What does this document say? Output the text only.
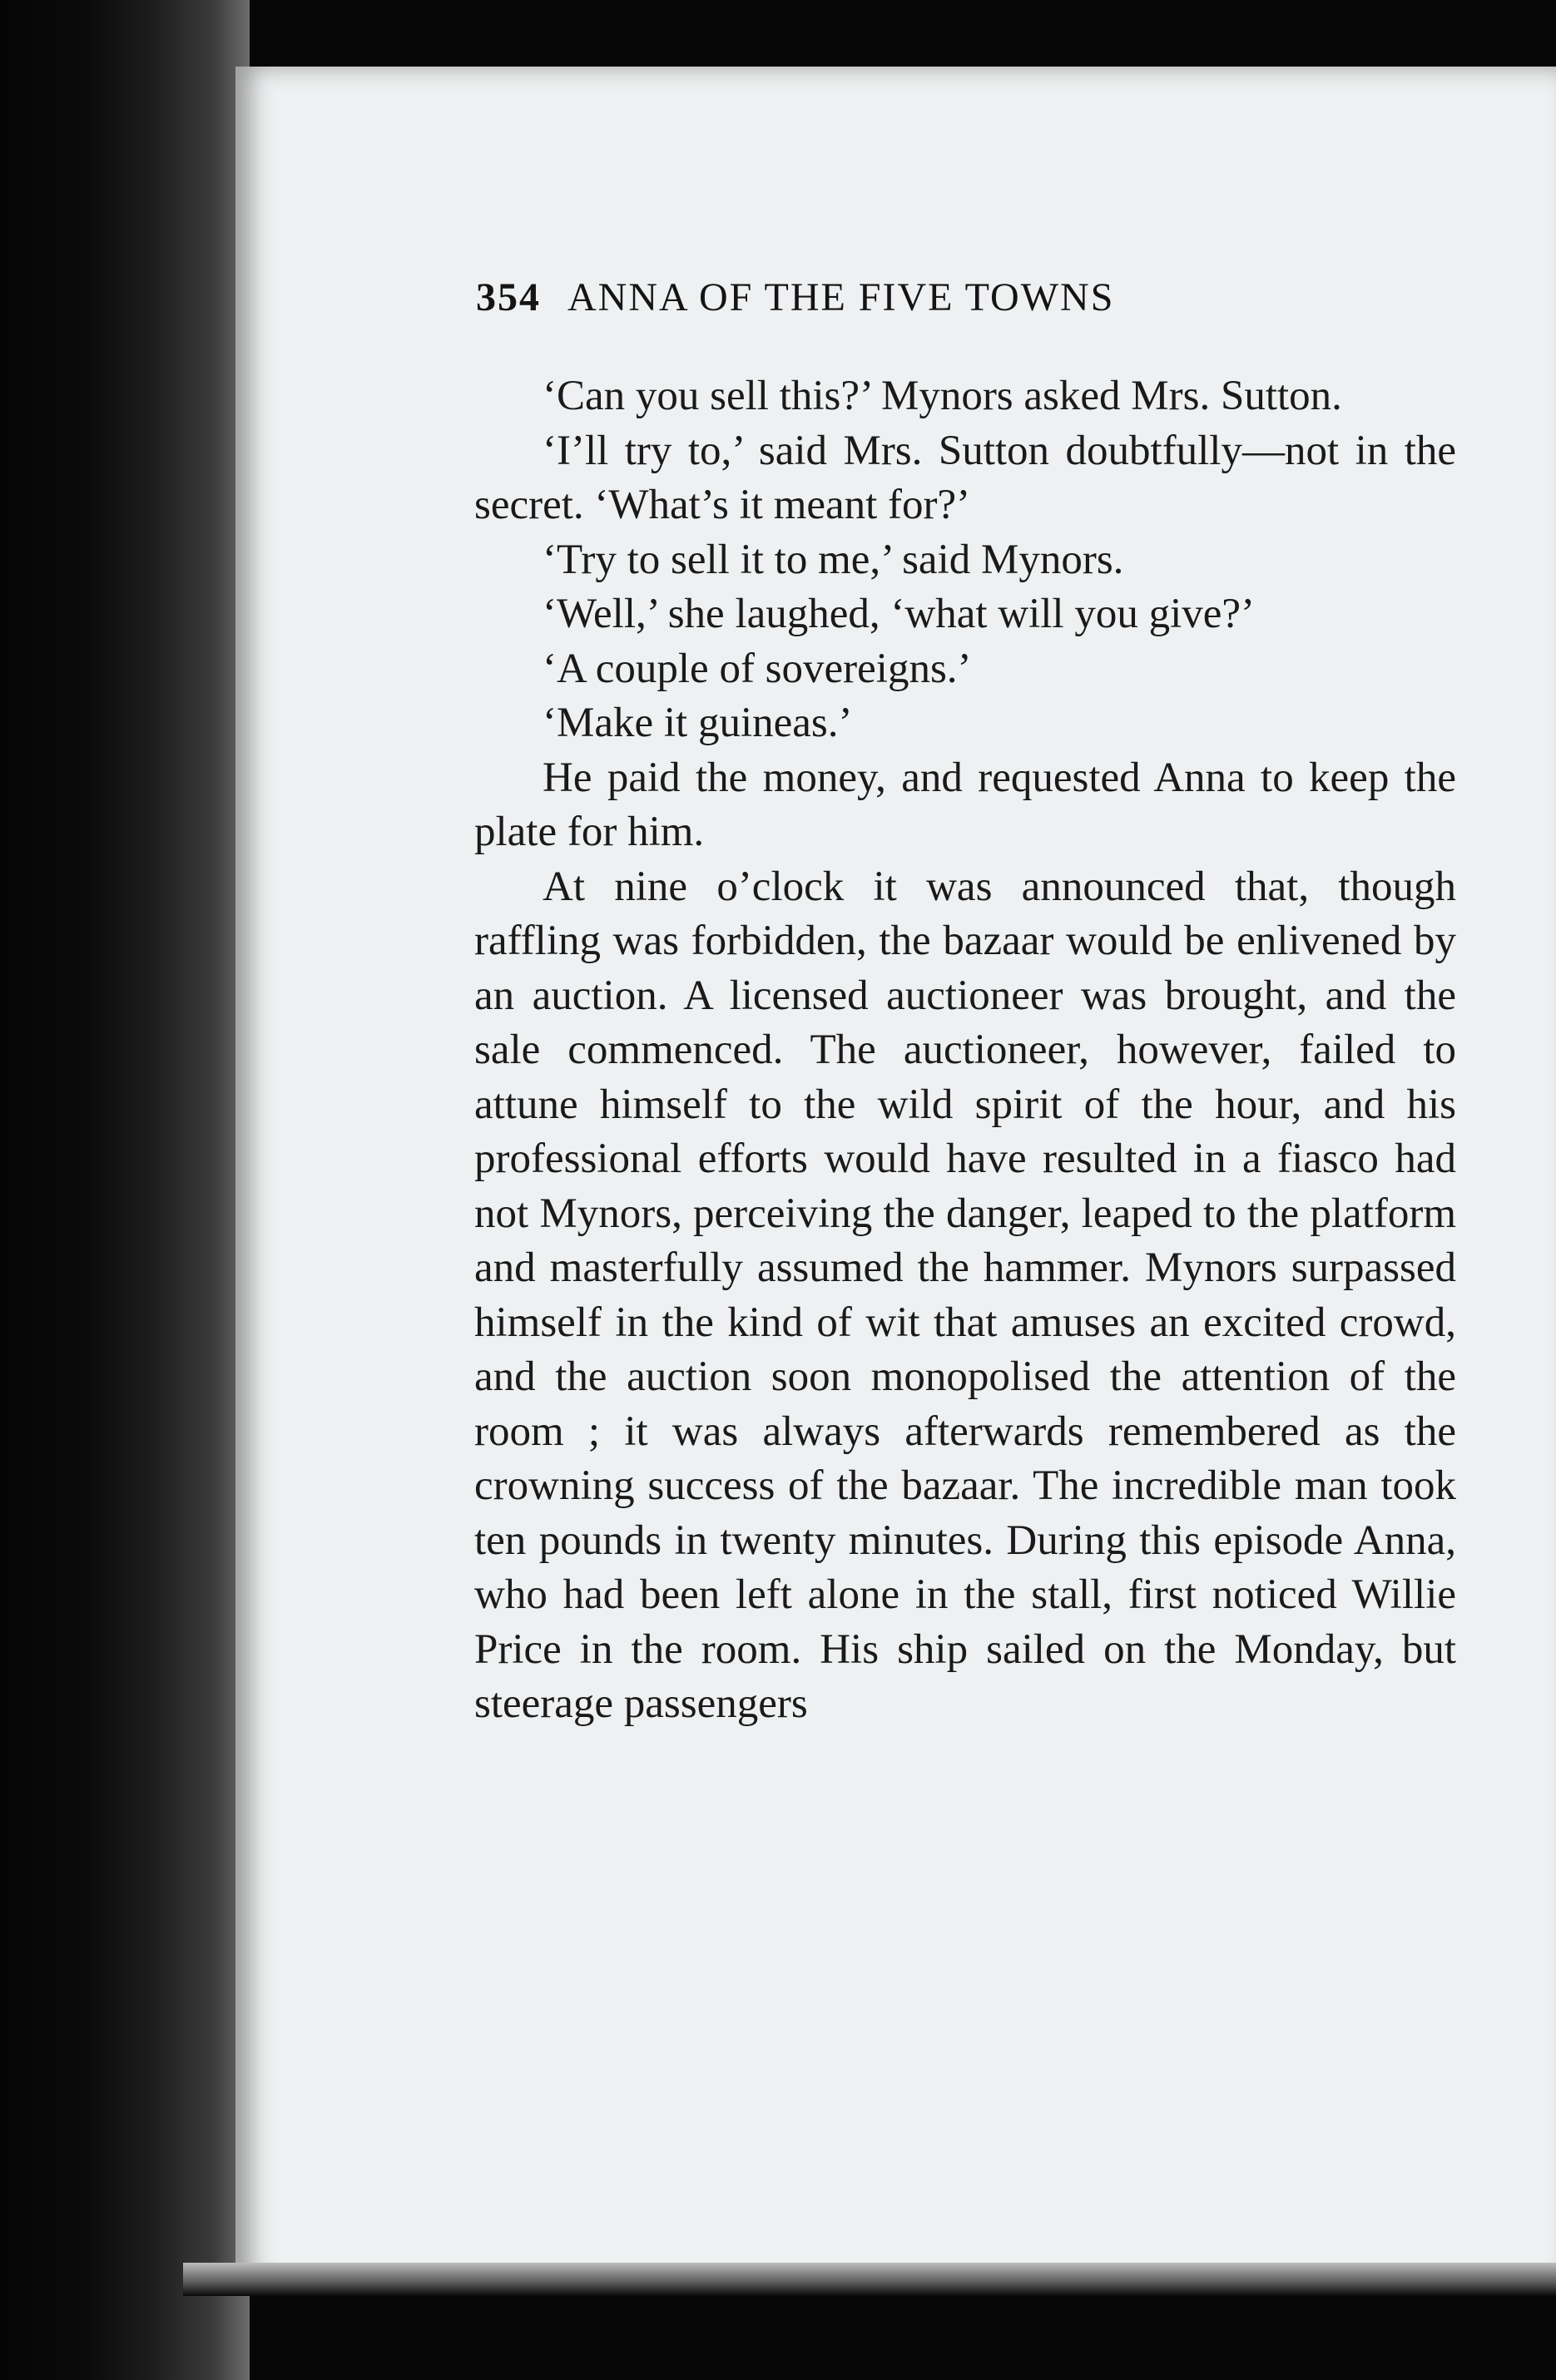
354 ANNA OF THE FIVE TOWNS

‘Can you sell this?’ Mynors asked Mrs. Sutton.

‘I’ll try to,’ said Mrs. Sutton doubtfully—not in the secret. ‘What’s it meant for?’

‘Try to sell it to me,’ said Mynors.

‘Well,’ she laughed, ‘what will you give?’

‘A couple of sovereigns.’

‘Make it guineas.’

He paid the money, and requested Anna to keep the plate for him.

At nine o’clock it was announced that, though raffling was forbidden, the bazaar would be enlivened by an auction. A licensed auctioneer was brought, and the sale commenced. The auctioneer, however, failed to attune himself to the wild spirit of the hour, and his professional efforts would have resulted in a fiasco had not Mynors, perceiving the danger, leaped to the platform and masterfully assumed the hammer. Mynors surpassed himself in the kind of wit that amuses an excited crowd, and the auction soon monopolised the attention of the room ; it was always afterwards remembered as the crowning success of the bazaar. The incredible man took ten pounds in twenty minutes. During this episode Anna, who had been left alone in the stall, first noticed Willie Price in the room. His ship sailed on the Monday, but steerage passengers
